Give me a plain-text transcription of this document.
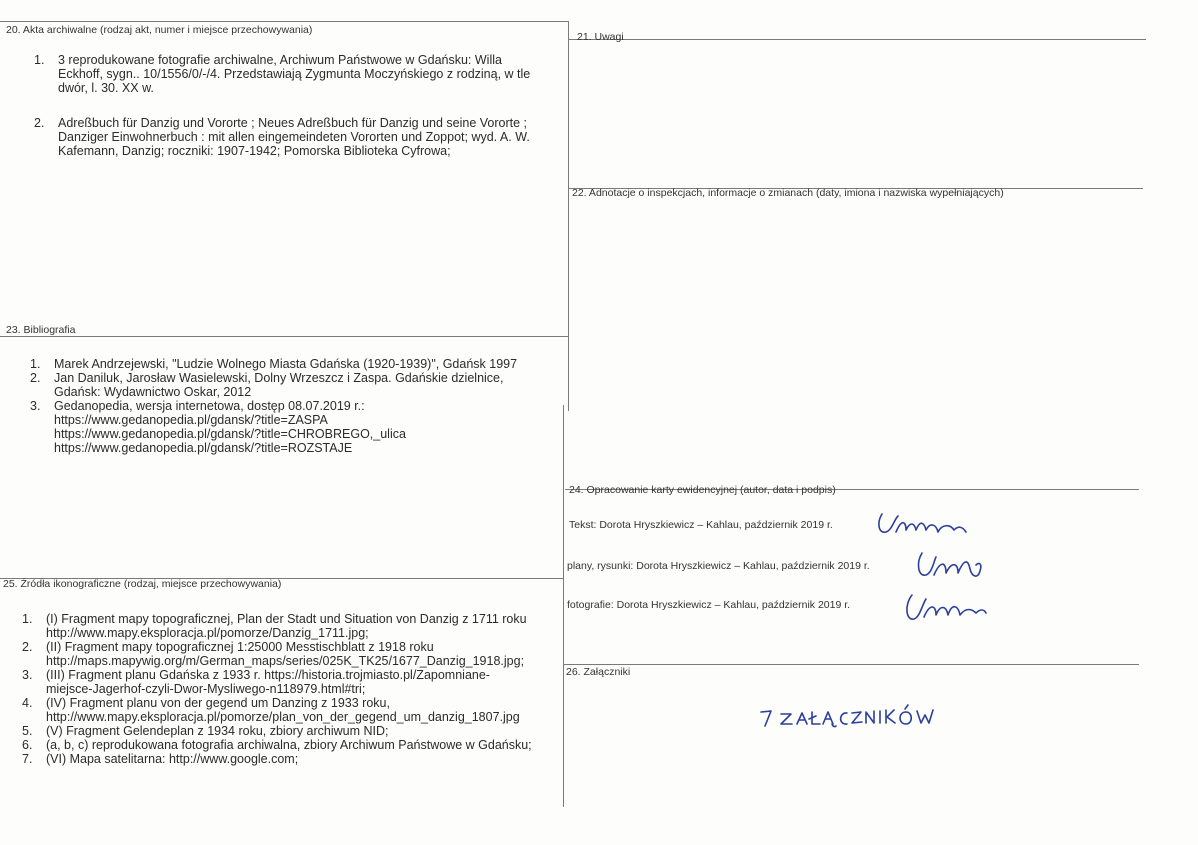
20. Akta archiwalne (rodzaj akt, numer i miejsce przechowywania)
1. 3 reprodukowane fotografie archiwalne, Archiwum Państwowe w Gdańsku: Willa
Eckhoff, sygn.. 10/1556/0/-/4. Przedstawiają Zygmunta Moczyńskiego z rodziną, w tle
dwór, l. 30. XX w.
2. Adreßbuch für Danzig und Vororte ; Neues Adreßbuch für Danzig und seine Vororte ;
Danziger Einwohnerbuch : mit allen eingemeindeten Vororten und Zoppot; wyd. A. W.
Kafemann, Danzig; roczniki: 1907-1942; Pomorska Biblioteka Cyfrowa;
21. Uwagi
22. Adnotacje o inspekcjach, informacje o zmianach (daty, imiona i nazwiska wypełniających)
23. Bibliografia
1. Marek Andrzejewski, "Ludzie Wolnego Miasta Gdańska (1920-1939)", Gdańsk 1997
2. Jan Daniluk, Jarosław Wasielewski, Dolny Wrzeszcz i Zaspa. Gdańskie dzielnice,
Gdańsk: Wydawnictwo Oskar, 2012
3. Gedanopedia, wersja internetowa, dostęp 08.07.2019 r.:
https://www.gedanopedia.pl/gdansk/?title=ZASPA
https://www.gedanopedia.pl/gdansk/?title=CHROBREGO,_ulica
https://www.gedanopedia.pl/gdansk/?title=ROZSTAJE
24. Opracowanie karty ewidencyjnej (autor, data i podpis)
Tekst: Dorota Hryszkiewicz – Kahlau, październik 2019 r.
plany, rysunki: Dorota Hryszkiewicz – Kahlau, październik 2019 r.
fotografie: Dorota Hryszkiewicz – Kahlau, październik 2019 r.
25. Źródła ikonograficzne (rodzaj, miejsce przechowywania)
1. (I) Fragment mapy topograficznej, Plan der Stadt und Situation von Danzig z 1711 roku
http://www.mapy.eksploracja.pl/pomorze/Danzig_1711.jpg;
2. (II) Fragment mapy topograficznej 1:25000 Messtischblatt z 1918 roku
http://maps.mapywig.org/m/German_maps/series/025K_TK25/1677_Danzig_1918.jpg;
3. (III) Fragment planu Gdańska z 1933 r. https://historia.trojmiasto.pl/Zapomniane-
miejsce-Jagerhof-czyli-Dwor-Mysliwego-n118979.html#tri;
4. (IV) Fragment planu von der gegend um Danzing z 1933 roku,
http://www.mapy.eksploracja.pl/pomorze/plan_von_der_gegend_um_danzig_1807.jpg
5. (V) Fragment Gelendeplan z 1934 roku, zbiory archiwum NID;
6. (a, b, c) reprodukowana fotografia archiwalna, zbiory Archiwum Państwowe w Gdańsku;
7. (VI) Mapa satelitarna: http://www.google.com;
26. Załączniki
